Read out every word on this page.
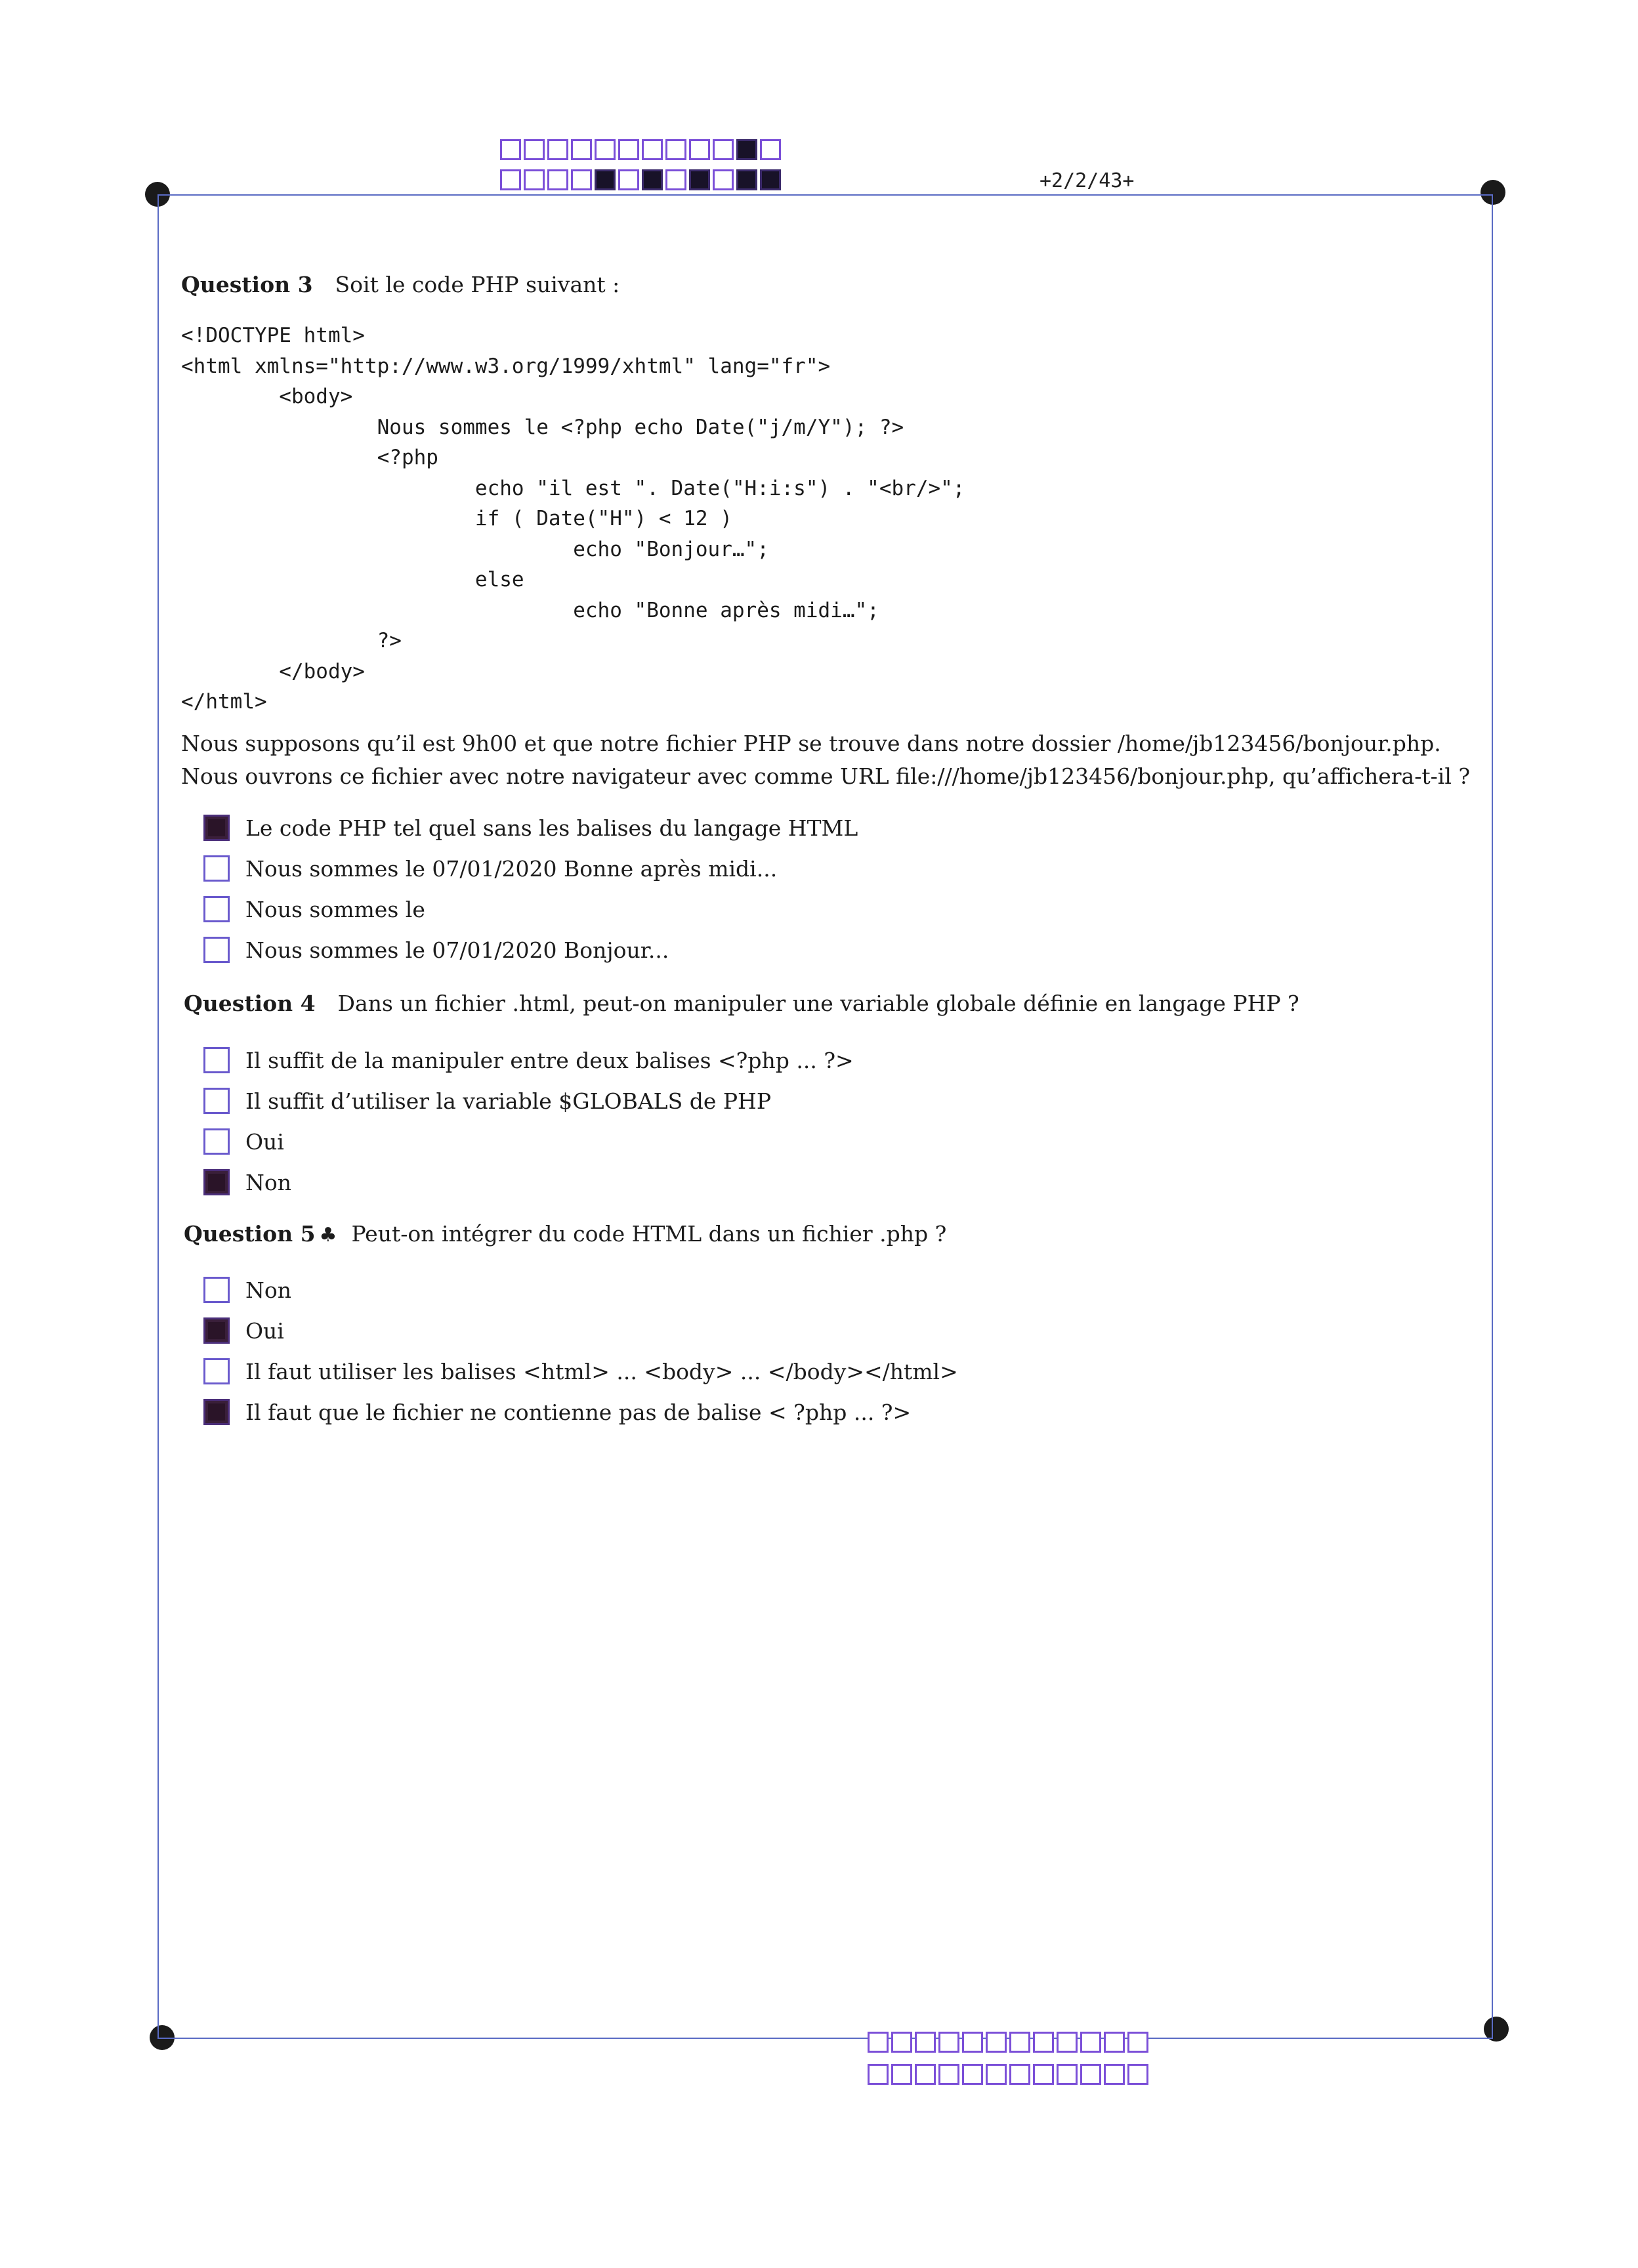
+2/2/43+
Question 3 Soit le code PHP suivant :
<!DOCTYPE html>
<html xmlns="http://www.w3.org/1999/xhtml" lang="fr">
<body>
Nous sommes le <?php echo Date("j/m/Y"); ?>
<?php
echo "il est ". Date("H:i:s") . "<br/>";
if ( Date("H") < 12 )
echo "Bonjour…";
else
echo "Bonne après midi…";
?>
</body>
</html>
Nous supposons qu’il est 9h00 et que notre fichier PHP se trouve dans notre dossier /home/jb123456/bonjour.php. Nous ouvrons ce fichier avec notre navigateur avec comme URL file:///home/jb123456/bonjour.php, qu’affichera-t-il ?
Le code PHP tel quel sans les balises du langage HTML
Nous sommes le 07/01/2020 Bonne après midi...
Nous sommes le
Nous sommes le 07/01/2020 Bonjour...
Question 4 Dans un fichier .html, peut-on manipuler une variable globale définie en langage PHP ?
Il suffit de la manipuler entre deux balises <?php ... ?>
Il suffit d’utiliser la variable $GLOBALS de PHP
Oui
Non
Question 5 ♣ Peut-on intégrer du code HTML dans un fichier .php ?
Non
Oui
Il faut utiliser les balises <html> ... <body> ... </body></html>
Il faut que le fichier ne contienne pas de balise < ?php ... ?>
